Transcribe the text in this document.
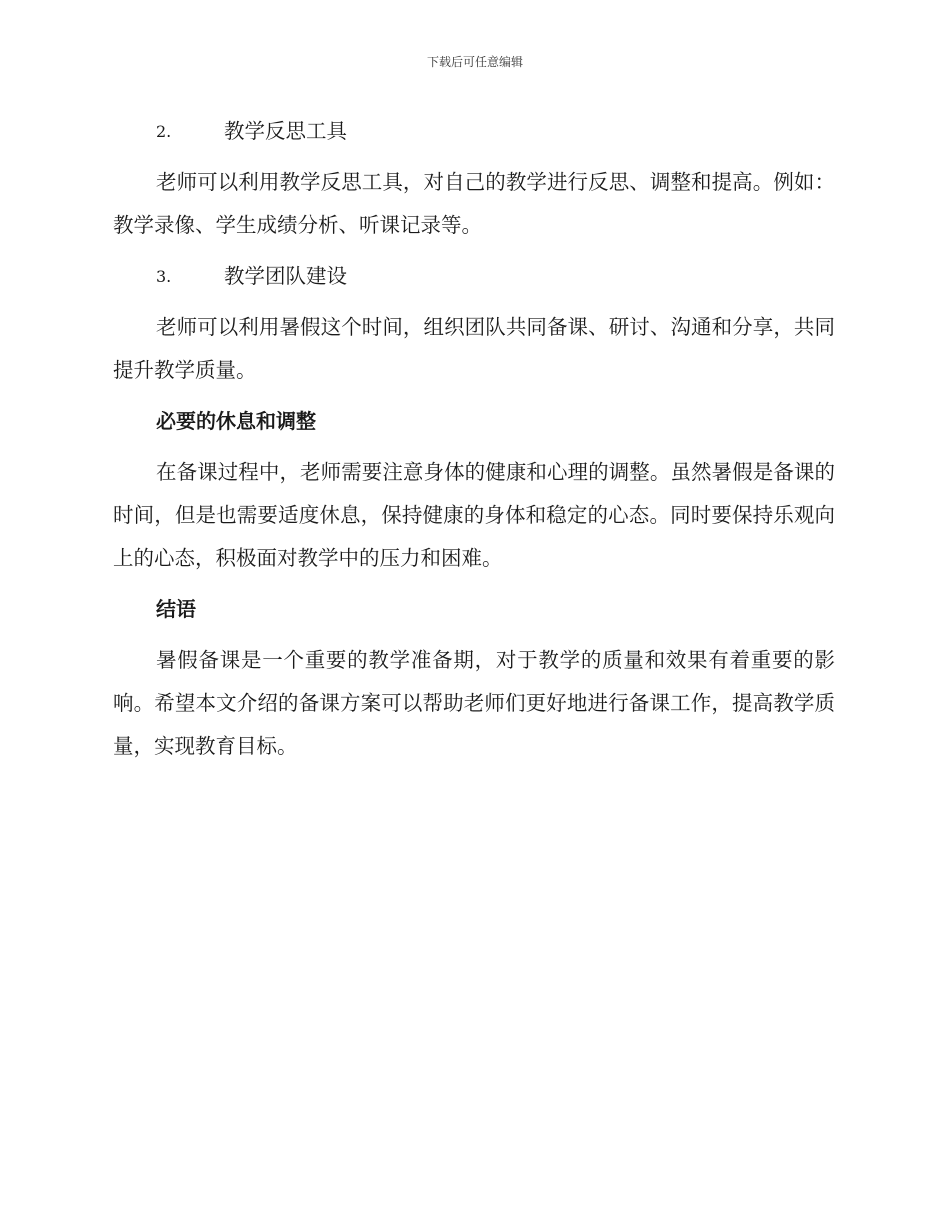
下载后可任意编辑
2.	教学反思工具

老师可以利用教学反思工具，对自己的教学进行反思、调整和提高。例如：教学录像、学生成绩分析、听课记录等。

3.	教学团队建设

老师可以利用暑假这个时间，组织团队共同备课、研讨、沟通和分享，共同提升教学质量。

必要的休息和调整

在备课过程中，老师需要注意身体的健康和心理的调整。虽然暑假是备课的时间，但是也需要适度休息，保持健康的身体和稳定的心态。同时要保持乐观向上的心态，积极面对教学中的压力和困难。

结语

暑假备课是一个重要的教学准备期，对于教学的质量和效果有着重要的影响。希望本文介绍的备课方案可以帮助老师们更好地进行备课工作，提高教学质量，实现教育目标。
